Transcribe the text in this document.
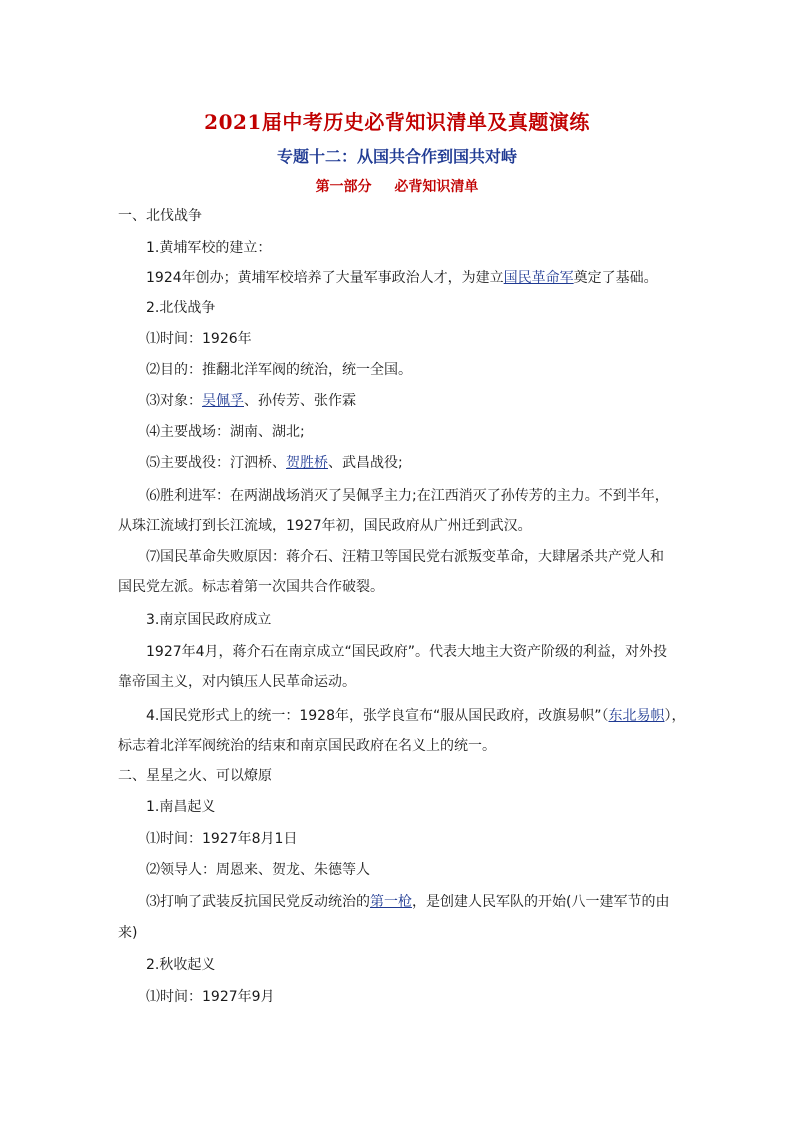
2021届中考历史必背知识清单及真题演练
专题十二：从国共合作到国共对峙
第一部分 必背知识清单
一、北伐战争
1.黄埔军校的建立：
1924年创办；黄埔军校培养了大量军事政治人才，为建立国民革命军奠定了基础。
2.北伐战争
⑴时间：1926年
⑵目的：推翻北洋军阀的统治，统一全国。
⑶对象：吴佩孚、孙传芳、张作霖
⑷主要战场：湖南、湖北;
⑸主要战役：汀泗桥、贺胜桥、武昌战役;
⑹胜利进军：在两湖战场消灭了吴佩孚主力;在江西消灭了孙传芳的主力。不到半年，
从珠江流域打到长江流域，1927年初，国民政府从广州迁到武汉。
⑺国民革命失败原因：蒋介石、汪精卫等国民党右派叛变革命，大肆屠杀共产党人和
国民党左派。标志着第一次国共合作破裂。
3.南京国民政府成立
1927年4月，蒋介石在南京成立“国民政府”。代表大地主大资产阶级的利益，对外投
靠帝国主义，对内镇压人民革命运动。
4.国民党形式上的统一：1928年，张学良宣布“服从国民政府，改旗易帜”（东北易帜），
标志着北洋军阀统治的结束和南京国民政府在名义上的统一。
二、星星之火、可以燎原
1.南昌起义
⑴时间：1927年8月1日
⑵领导人：周恩来、贺龙、朱德等人
⑶打响了武装反抗国民党反动统治的第一枪，是创建人民军队的开始(八一建军节的由
来)
2.秋收起义
⑴时间：1927年9月
